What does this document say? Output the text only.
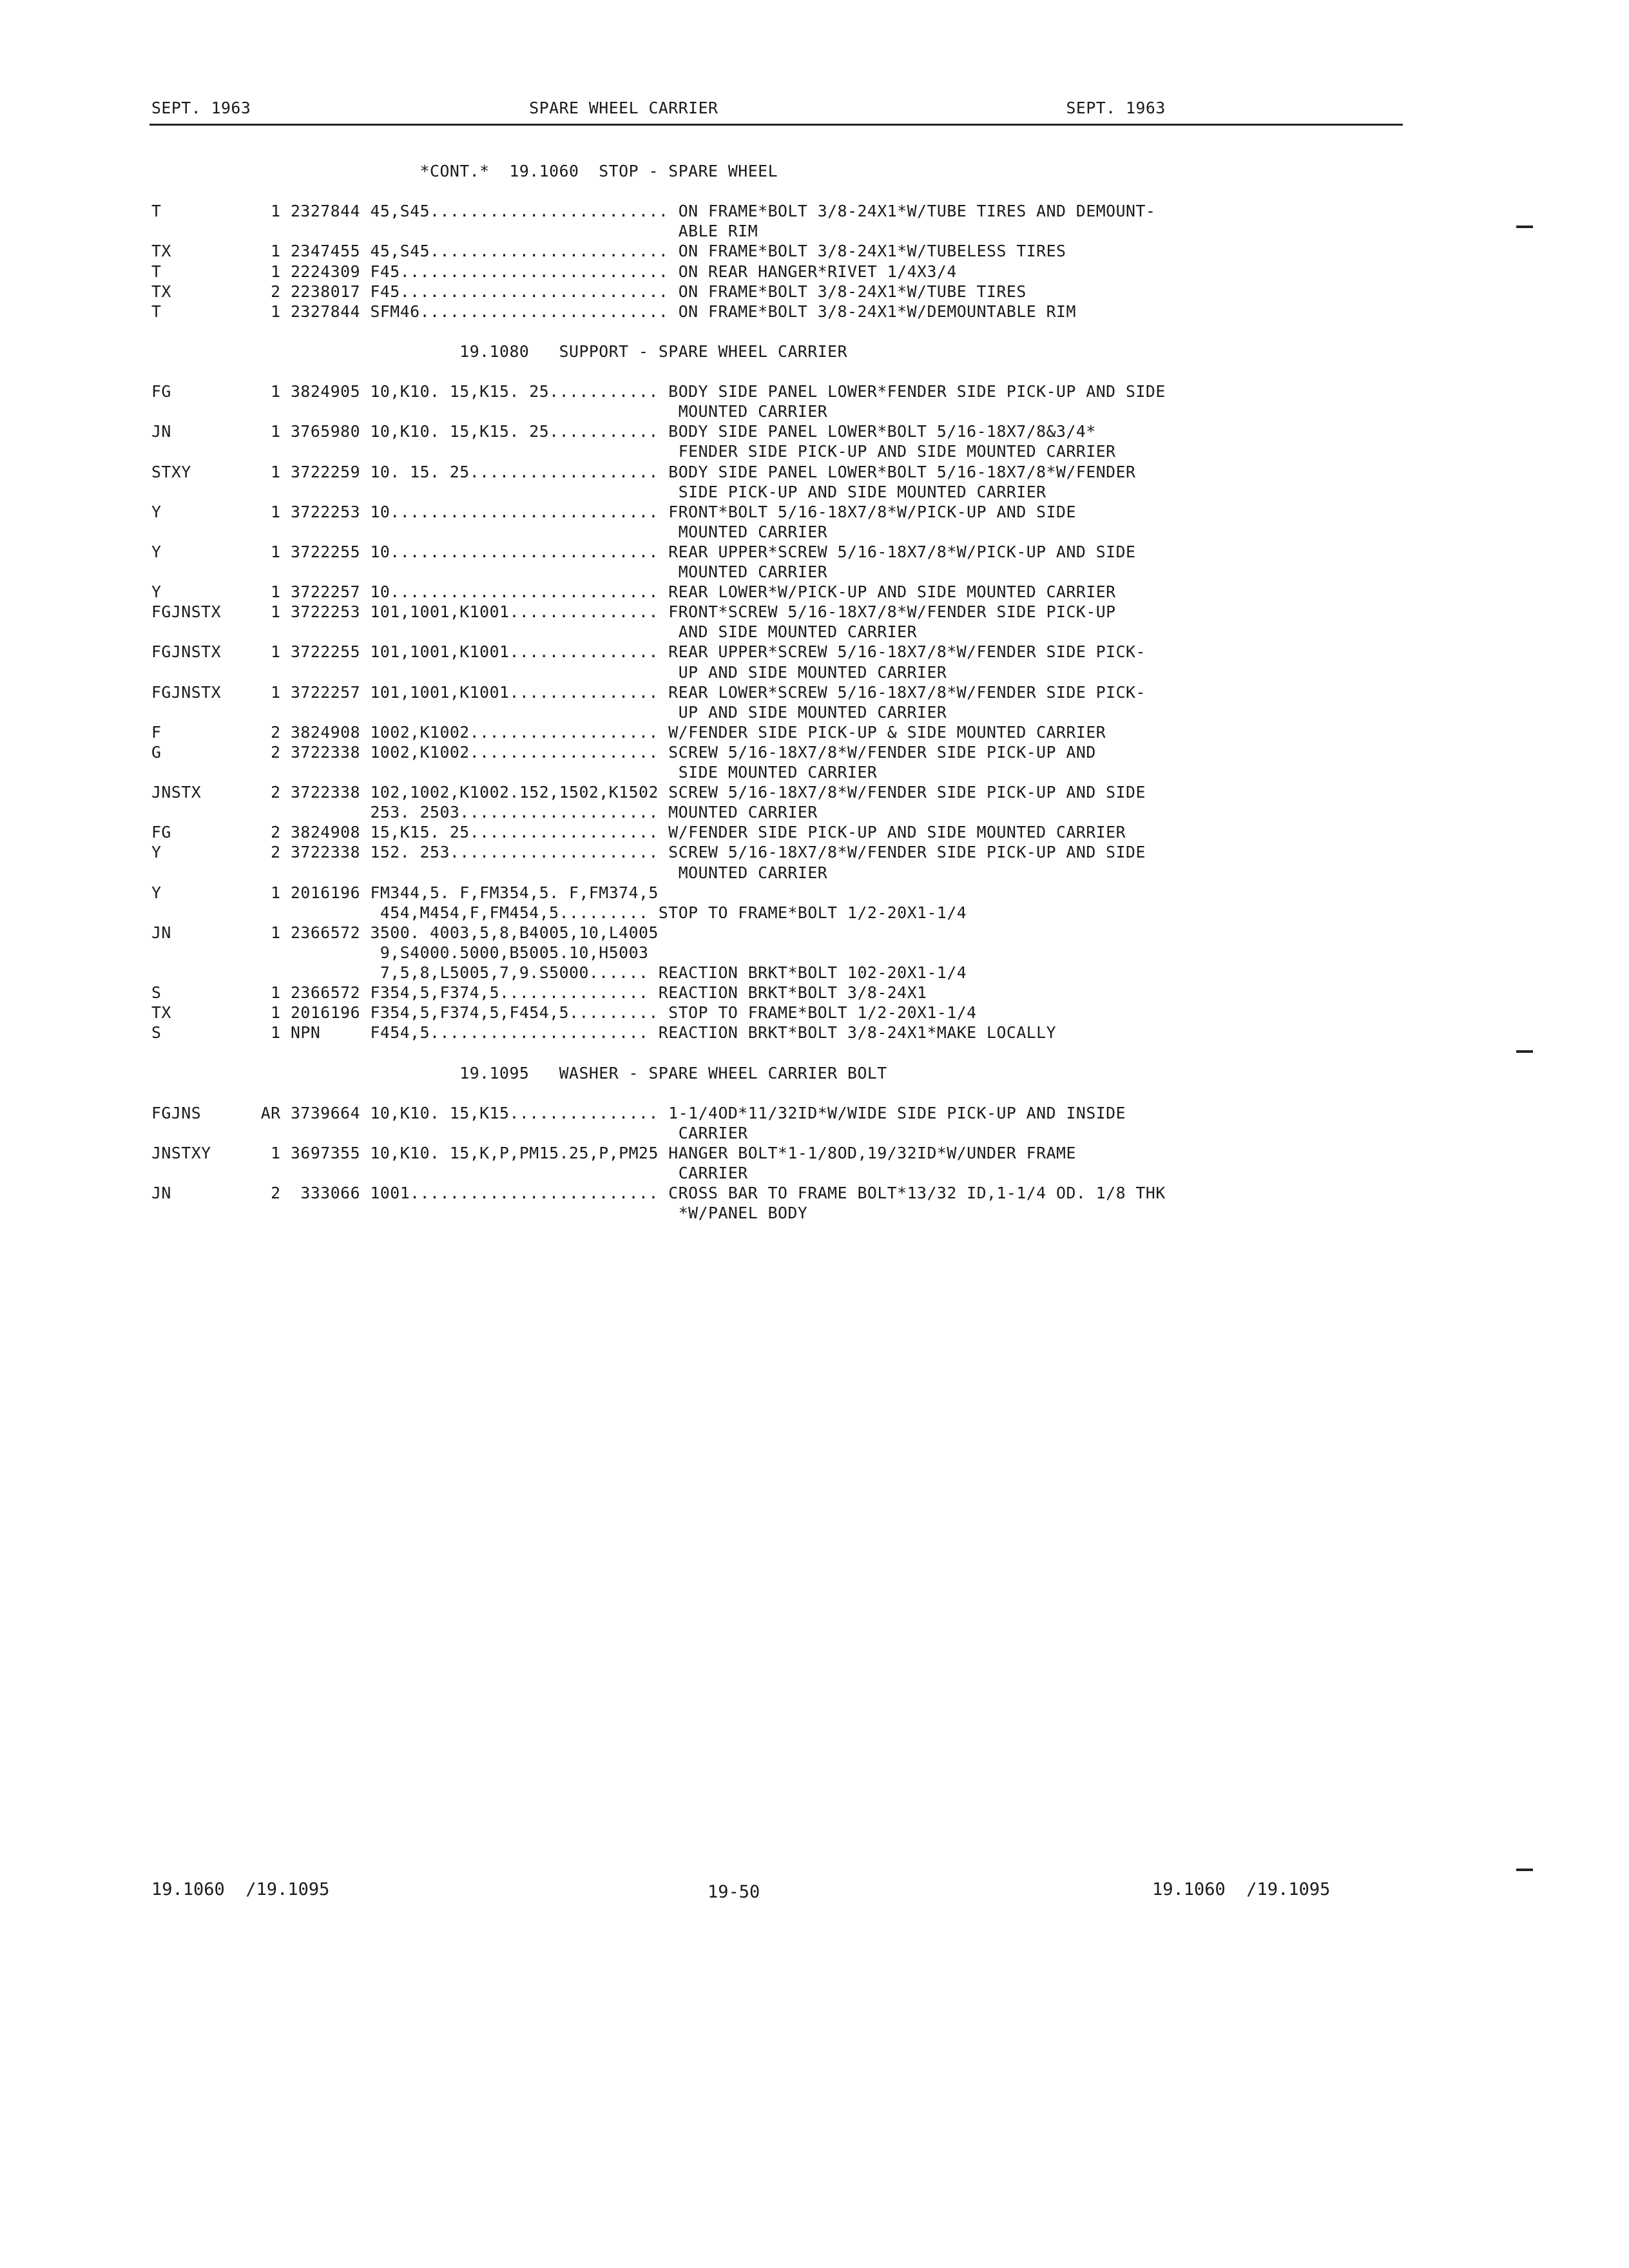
SEPT. 1963                            SPARE WHEEL CARRIER                                   SEPT. 1963
*CONT.*  19.1060  STOP - SPARE WHEEL
T           1 2327844 45,S45........................ ON FRAME*BOLT 3/8-24X1*W/TUBE TIRES AND DEMOUNT-
ABLE RIM
TX          1 2347455 45,S45........................ ON FRAME*BOLT 3/8-24X1*W/TUBELESS TIRES
T           1 2224309 F45........................... ON REAR HANGER*RIVET 1/4X3/4
TX          2 2238017 F45........................... ON FRAME*BOLT 3/8-24X1*W/TUBE TIRES
T           1 2327844 SFM46......................... ON FRAME*BOLT 3/8-24X1*W/DEMOUNTABLE RIM
19.1080   SUPPORT - SPARE WHEEL CARRIER
FG          1 3824905 10,K10. 15,K15. 25........... BODY SIDE PANEL LOWER*FENDER SIDE PICK-UP AND SIDE
MOUNTED CARRIER
JN          1 3765980 10,K10. 15,K15. 25........... BODY SIDE PANEL LOWER*BOLT 5/16-18X7/8&3/4*
FENDER SIDE PICK-UP AND SIDE MOUNTED CARRIER
STXY        1 3722259 10. 15. 25................... BODY SIDE PANEL LOWER*BOLT 5/16-18X7/8*W/FENDER
SIDE PICK-UP AND SIDE MOUNTED CARRIER
Y           1 3722253 10........................... FRONT*BOLT 5/16-18X7/8*W/PICK-UP AND SIDE
MOUNTED CARRIER
Y           1 3722255 10........................... REAR UPPER*SCREW 5/16-18X7/8*W/PICK-UP AND SIDE
MOUNTED CARRIER
Y           1 3722257 10........................... REAR LOWER*W/PICK-UP AND SIDE MOUNTED CARRIER
FGJNSTX     1 3722253 101,1001,K1001............... FRONT*SCREW 5/16-18X7/8*W/FENDER SIDE PICK-UP
AND SIDE MOUNTED CARRIER
FGJNSTX     1 3722255 101,1001,K1001............... REAR UPPER*SCREW 5/16-18X7/8*W/FENDER SIDE PICK-
UP AND SIDE MOUNTED CARRIER
FGJNSTX     1 3722257 101,1001,K1001............... REAR LOWER*SCREW 5/16-18X7/8*W/FENDER SIDE PICK-
UP AND SIDE MOUNTED CARRIER
F           2 3824908 1002,K1002................... W/FENDER SIDE PICK-UP & SIDE MOUNTED CARRIER
G           2 3722338 1002,K1002................... SCREW 5/16-18X7/8*W/FENDER SIDE PICK-UP AND
SIDE MOUNTED CARRIER
JNSTX       2 3722338 102,1002,K1002.152,1502,K1502 SCREW 5/16-18X7/8*W/FENDER SIDE PICK-UP AND SIDE
253. 2503.................... MOUNTED CARRIER
FG          2 3824908 15,K15. 25................... W/FENDER SIDE PICK-UP AND SIDE MOUNTED CARRIER
Y           2 3722338 152. 253..................... SCREW 5/16-18X7/8*W/FENDER SIDE PICK-UP AND SIDE
MOUNTED CARRIER
Y           1 2016196 FM344,5. F,FM354,5. F,FM374,5
454,M454,F,FM454,5......... STOP TO FRAME*BOLT 1/2-20X1-1/4
JN          1 2366572 3500. 4003,5,8,B4005,10,L4005
9,S4000.5000,B5005.10,H5003
7,5,8,L5005,7,9.S5000...... REACTION BRKT*BOLT 102-20X1-1/4
S           1 2366572 F354,5,F374,5............... REACTION BRKT*BOLT 3/8-24X1
TX          1 2016196 F354,5,F374,5,F454,5......... STOP TO FRAME*BOLT 1/2-20X1-1/4
S           1 NPN     F454,5...................... REACTION BRKT*BOLT 3/8-24X1*MAKE LOCALLY
19.1095   WASHER - SPARE WHEEL CARRIER BOLT
FGJNS      AR 3739664 10,K10. 15,K15............... 1-1/4OD*11/32ID*W/WIDE SIDE PICK-UP AND INSIDE
CARRIER
JNSTXY      1 3697355 10,K10. 15,K,P,PM15.25,P,PM25 HANGER BOLT*1-1/8OD,19/32ID*W/UNDER FRAME
CARRIER
JN          2  333066 1001......................... CROSS BAR TO FRAME BOLT*13/32 ID,1-1/4 OD. 1/8 THK
*W/PANEL BODY
19.1060  /19.1095	19-50	19.1060  /19.1095
